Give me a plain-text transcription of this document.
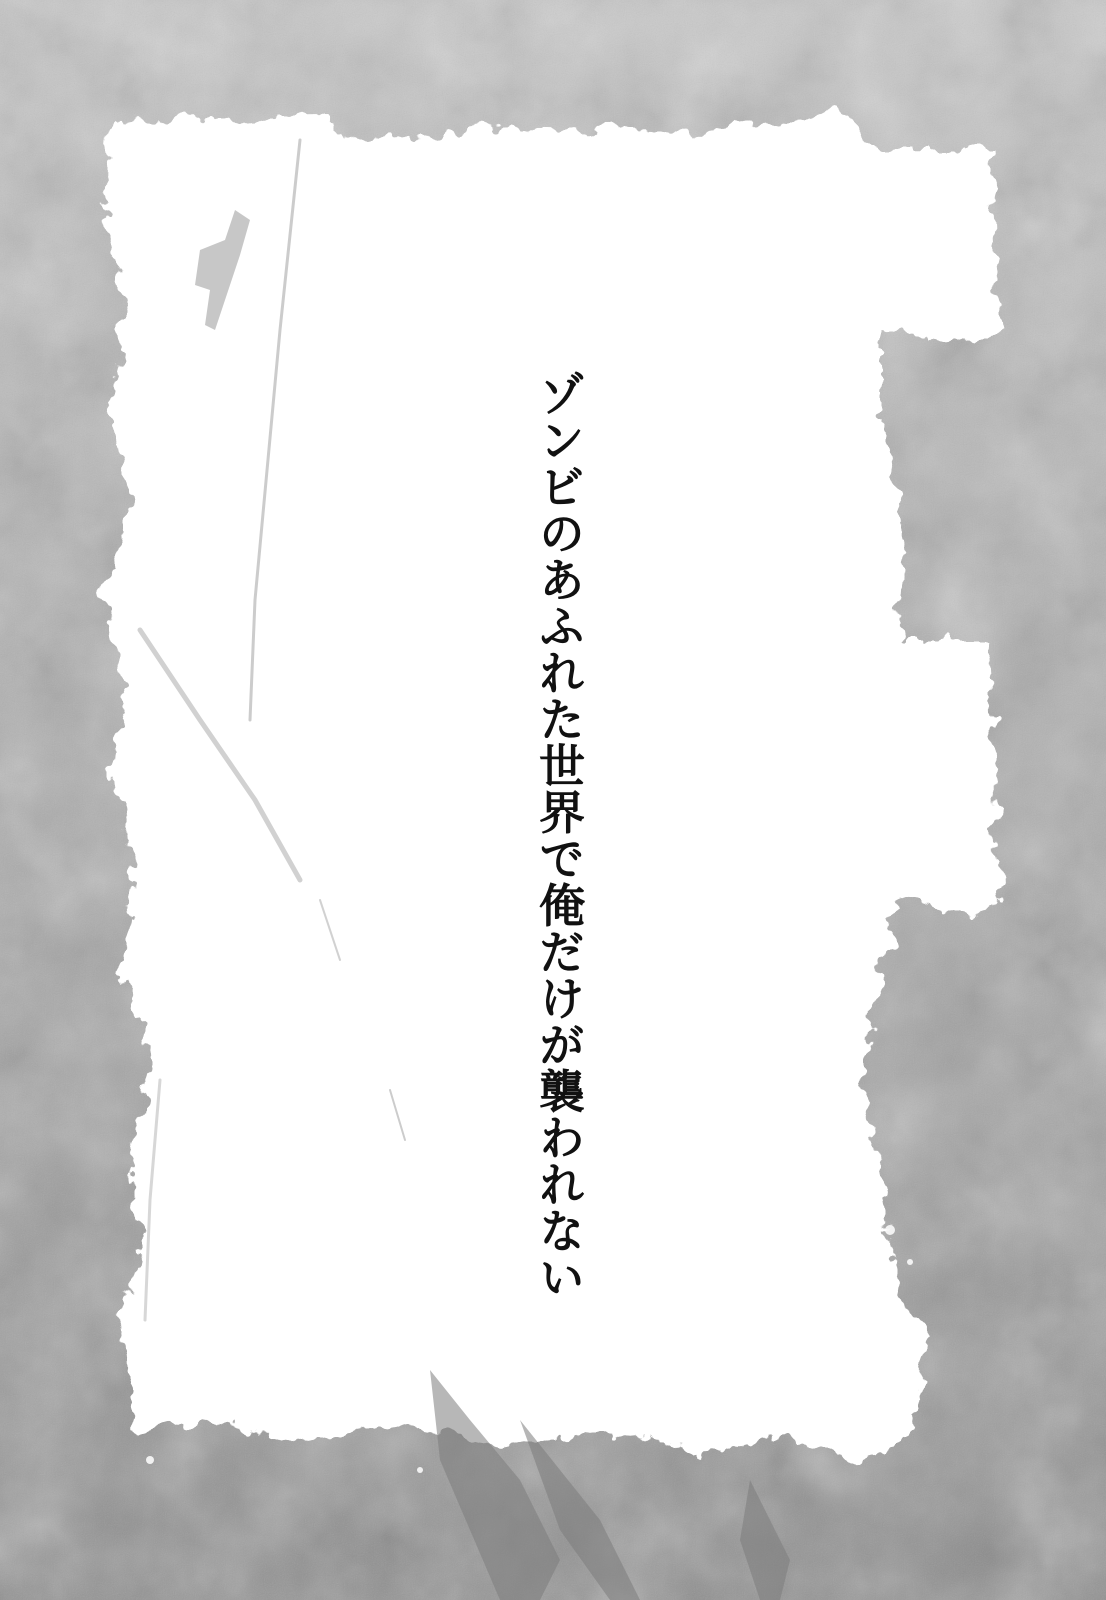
ゾンビのあふれた世界で俺だけが襲われない
